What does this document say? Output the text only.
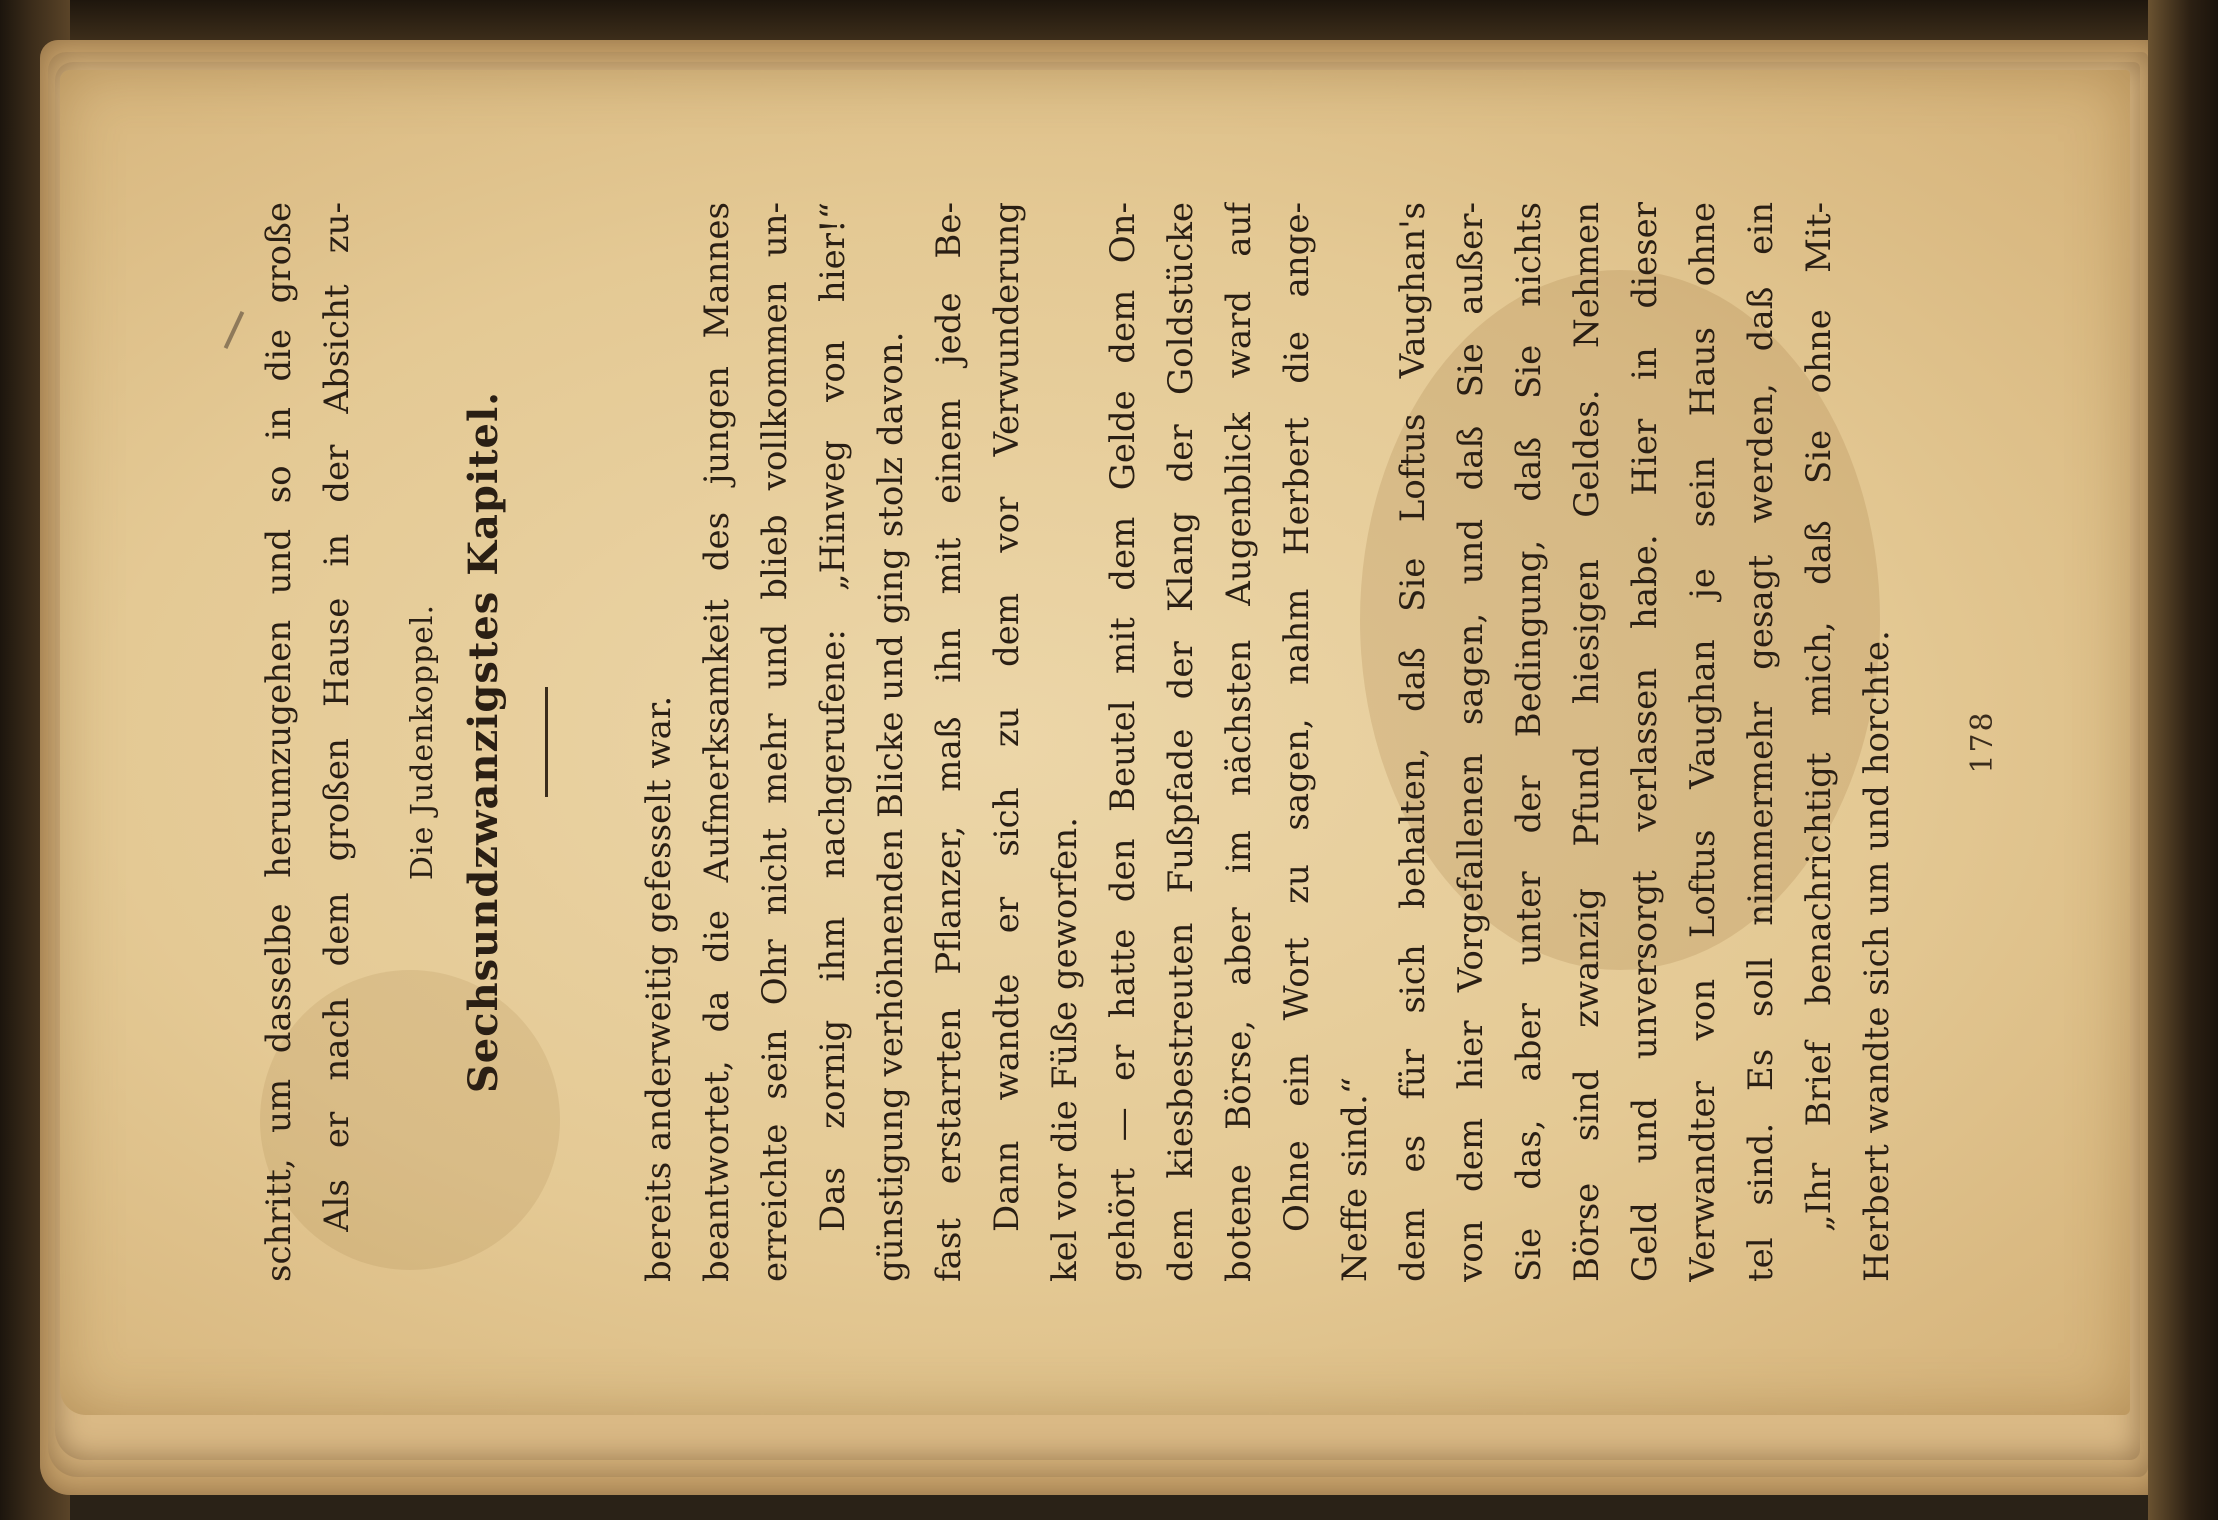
178
Herbert wandte sich um und horchte.
„Ihr Brief benachrichtigt mich, daß Sie ohne Mit-
tel sind. Es soll nimmermehr gesagt werden, daß ein
Verwandter von Loftus Vaughan je sein Haus ohne
Geld und unversorgt verlassen habe. Hier in dieser
Börse sind zwanzig Pfund hiesigen Geldes. Nehmen
Sie das, aber unter der Bedingung, daß Sie nichts
von dem hier Vorgefallenen sagen, und daß Sie außer-
dem es für sich behalten, daß Sie Loftus Vaughan's
Neffe sind.“
Ohne ein Wort zu sagen, nahm Herbert die ange-
botene Börse, aber im nächsten Augenblick ward auf
dem kiesbestreuten Fußpfade der Klang der Goldstücke
gehört — er hatte den Beutel mit dem Gelde dem On-
kel vor die Füße geworfen.
Dann wandte er sich zu dem vor Verwunderung
fast erstarrten Pflanzer, maß ihn mit einem jede Be-
günstigung verhöhnenden Blicke und ging stolz davon.
Das zornig ihm nachgerufene: „Hinweg von hier!“
erreichte sein Ohr nicht mehr und blieb vollkommen un-
beantwortet, da die Aufmerksamkeit des jungen Mannes
bereits anderweitig gefesselt war.
Sechsundzwanzigstes Kapitel.
Die Judenkoppel.
Als er nach dem großen Hause in der Absicht zu-
schritt, um dasselbe herumzugehen und so in die große
